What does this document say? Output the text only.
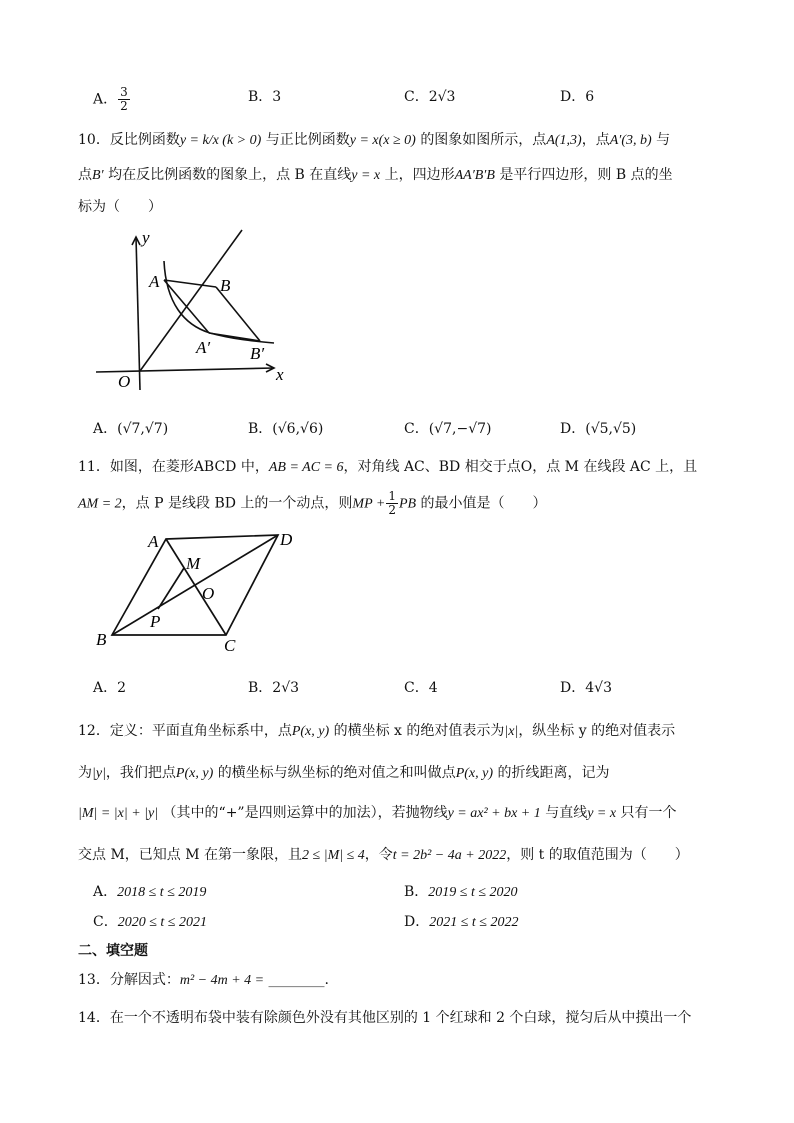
A． $\frac{3}{2}$	B．3	C．2√3	D．6
10．反比例函数y = k/x (k > 0) 与正比例函数y = x(x ≥ 0) 的图象如图所示，点A(1,3)，点A′(3, b) 与
点B′ 均在反比例函数的图象上，点 B 在直线y = x 上，四边形AA′B′B 是平行四边形，则 B 点的坐
标为（　　）
y
x
O
A	B
A′ B′
A．(√7,√7)	B．(√6,√6)	C．(√7,−√7)	D．(√5,√5)
11．如图，在菱形ABCD 中，AB = AC = 6，对角线 AC、BD 相交于点O，点 M 在线段 AC 上，且
AM = 2，点 P 是线段 BD 上的一个动点，则MP + $\frac{1}{2}$ PB 的最小值是（　　）
A
B	C
D
M
O
P
A．2	B．2√3	C．4	D．4√3
12．定义：平面直角坐标系中，点P(x, y) 的横坐标 x 的绝对值表示为|x|，纵坐标 y 的绝对值表示
为|y|，我们把点P(x, y) 的横坐标与纵坐标的绝对值之和叫做点P(x, y) 的折线距离，记为
|M| = |x| + |y| （其中的“+”是四则运算中的加法），若抛物线y = ax² + bx + 1 与直线y = x 只有一个
交点 M，已知点 M 在第一象限，且2 ≤ |M| ≤ 4，令t = 2b² − 4a + 2022，则 t 的取值范围为（　　）
A．2018 ≤ t ≤ 2019	B．2019 ≤ t ≤ 2020
C．2020 ≤ t ≤ 2021	D．2021 ≤ t ≤ 2022
二、填空题
13．分解因式：m² − 4m + 4 = ________.
14．在一个不透明布袋中装有除颜色外没有其他区别的 1 个红球和 2 个白球，搅匀后从中摸出一个
